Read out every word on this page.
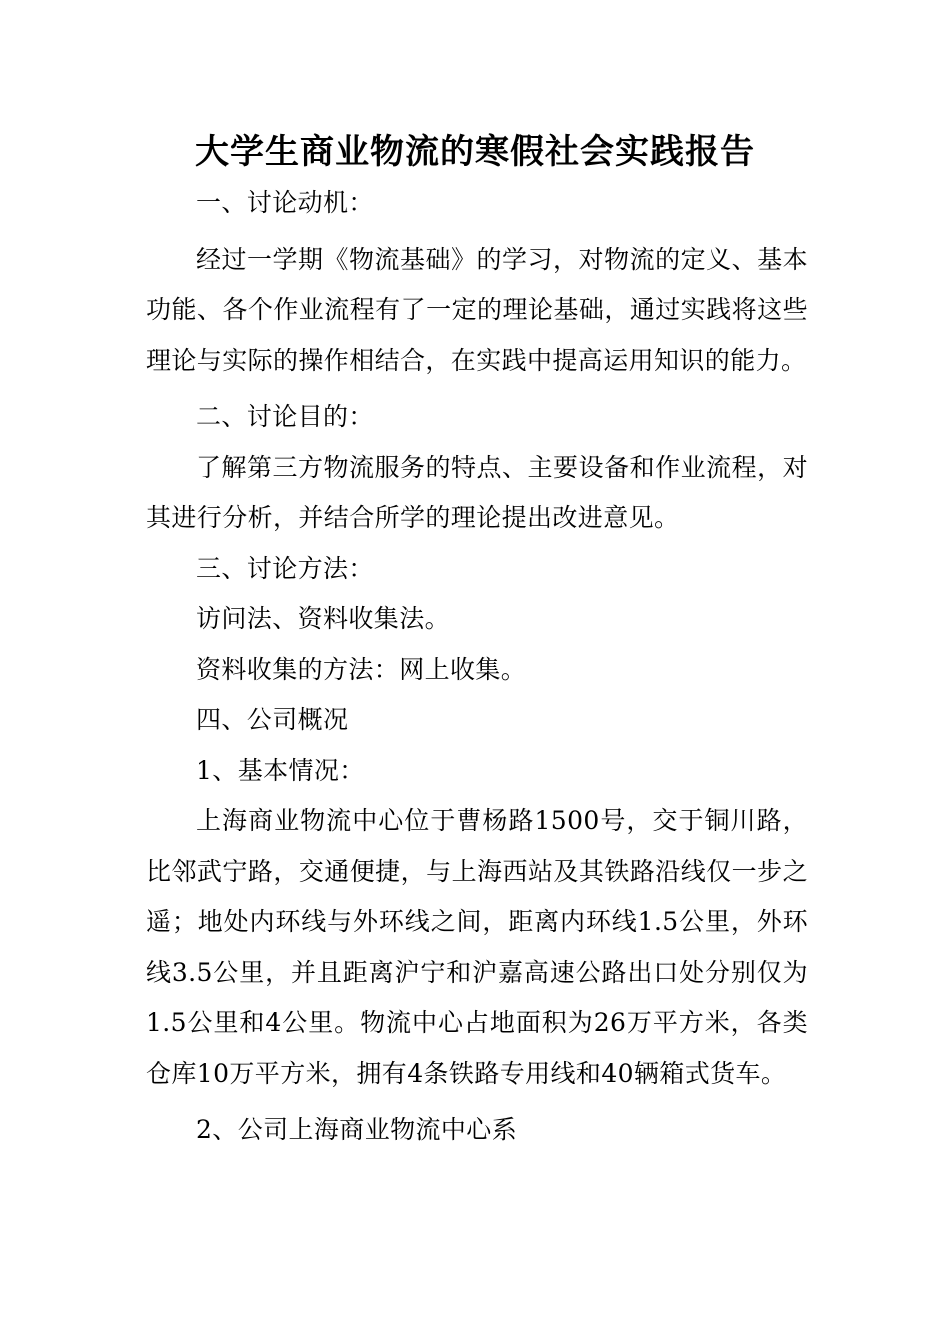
大学生商业物流的寒假社会实践报告

一、讨论动机：

经过一学期《物流基础》的学习，对物流的定义、基本功能、各个作业流程有了一定的理论基础，通过实践将这些理论与实际的操作相结合，在实践中提高运用知识的能力。

二、讨论目的：

了解第三方物流服务的特点、主要设备和作业流程，对其进行分析，并结合所学的理论提出改进意见。

三、讨论方法：

访问法、资料收集法。

资料收集的方法：网上收集。

四、公司概况

1、基本情况：

上海商业物流中心位于曹杨路1500号，交于铜川路，比邻武宁路，交通便捷，与上海西站及其铁路沿线仅一步之遥；地处内环线与外环线之间，距离内环线1.5公里，外环线3.5公里，并且距离沪宁和沪嘉高速公路出口处分别仅为1.5公里和4公里。物流中心占地面积为26万平方米，各类仓库10万平方米，拥有4条铁路专用线和40辆箱式货车。

2、公司上海商业物流中心系
